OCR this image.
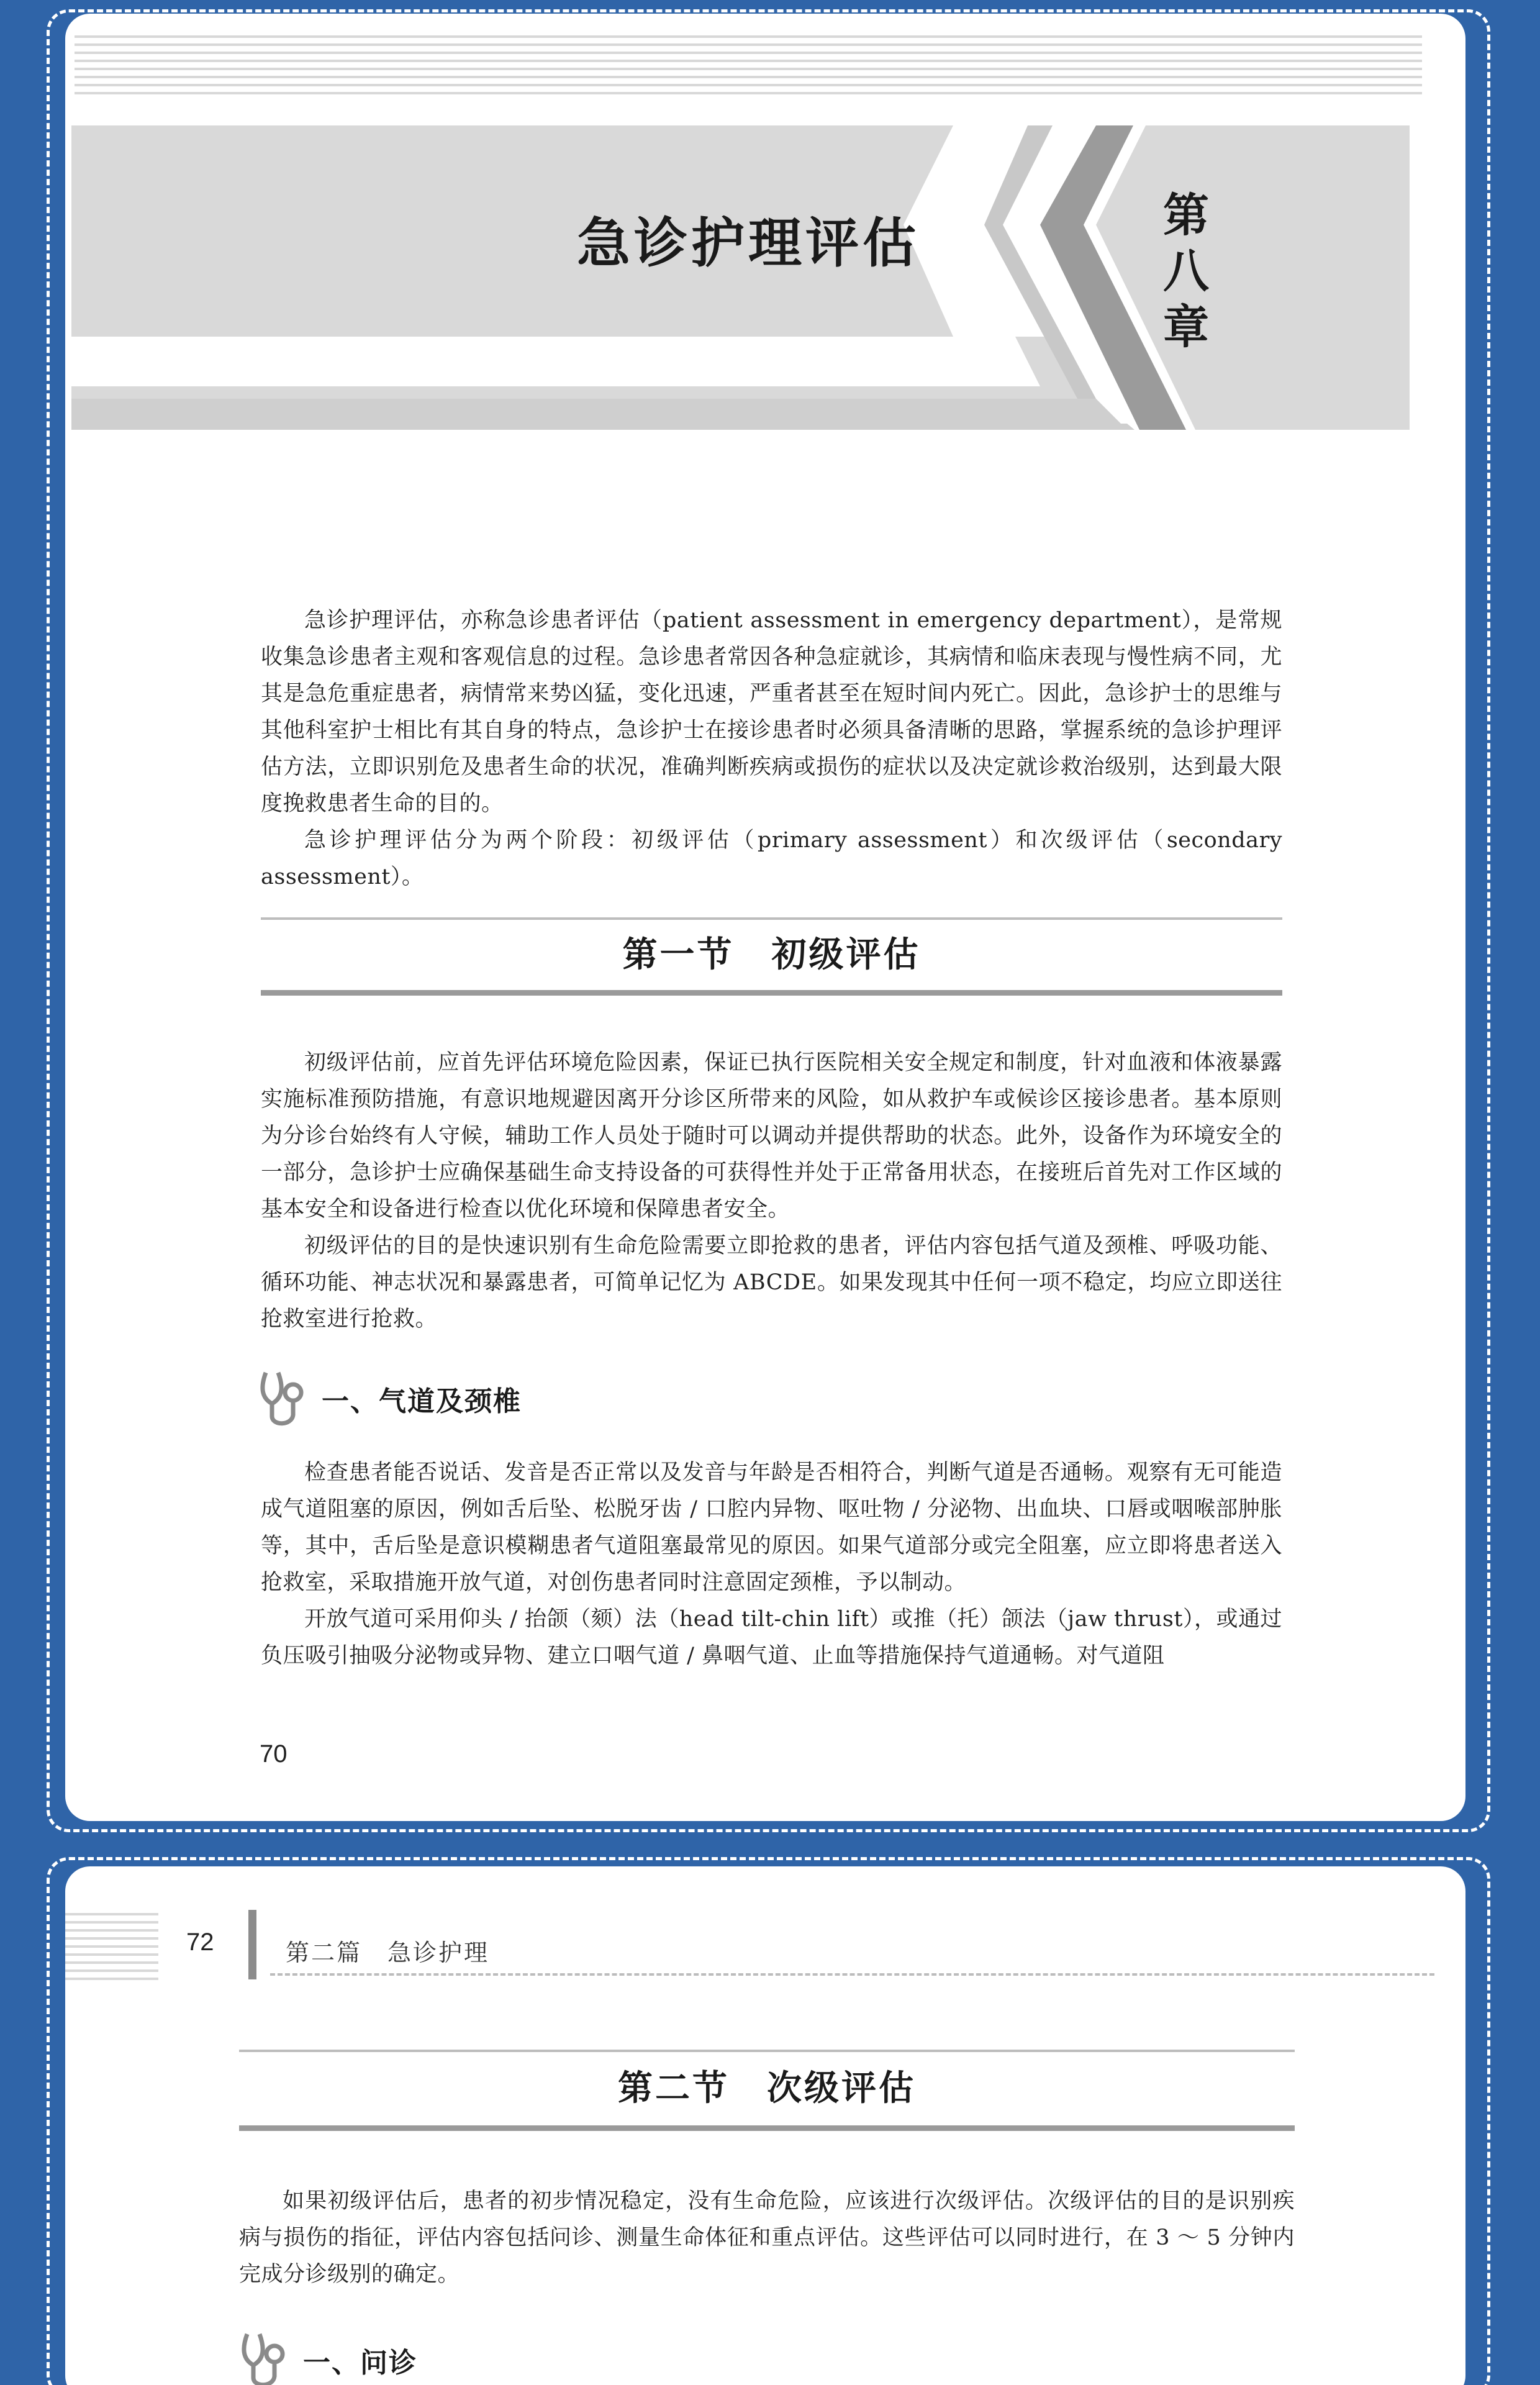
急诊护理评估	第
八
章

急诊护理评估，亦称急诊患者评估（patient assessment in emergency department），是常规收集急诊患者主观和客观信息的过程。急诊患者常因各种急症就诊，其病情和临床表现与慢性病不同，尤其是急危重症患者，病情常来势凶猛，变化迅速，严重者甚至在短时间内死亡。因此，急诊护士的思维与其他科室护士相比有其自身的特点，急诊护士在接诊患者时必须具备清晰的思路，掌握系统的急诊护理评估方法，立即识别危及患者生命的状况，准确判断疾病或损伤的症状以及决定就诊救治级别，达到最大限度挽救患者生命的目的。

急诊护理评估分为两个阶段：初级评估（primary assessment）和次级评估（secondary assessment）。

第一节　初级评估

初级评估前，应首先评估环境危险因素，保证已执行医院相关安全规定和制度，针对血液和体液暴露实施标准预防措施，有意识地规避因离开分诊区所带来的风险，如从救护车或候诊区接诊患者。基本原则为分诊台始终有人守候，辅助工作人员处于随时可以调动并提供帮助的状态。此外，设备作为环境安全的一部分，急诊护士应确保基础生命支持设备的可获得性并处于正常备用状态，在接班后首先对工作区域的基本安全和设备进行检查以优化环境和保障患者安全。

初级评估的目的是快速识别有生命危险需要立即抢救的患者，评估内容包括气道及颈椎、呼吸功能、循环功能、神志状况和暴露患者，可简单记忆为 ABCDE。如果发现其中任何一项不稳定，均应立即送往抢救室进行抢救。

一、气道及颈椎

检查患者能否说话、发音是否正常以及发音与年龄是否相符合，判断气道是否通畅。观察有无可能造成气道阻塞的原因，例如舌后坠、松脱牙齿 / 口腔内异物、呕吐物 / 分泌物、出血块、口唇或咽喉部肿胀等，其中，舌后坠是意识模糊患者气道阻塞最常见的原因。如果气道部分或完全阻塞，应立即将患者送入抢救室，采取措施开放气道，对创伤患者同时注意固定颈椎，予以制动。

开放气道可采用仰头 / 抬颌（颏）法（head tilt-chin lift）或推（托）颌法（jaw thrust），或通过负压吸引抽吸分泌物或异物、建立口咽气道 / 鼻咽气道、止血等措施保持气道通畅。对气道阻

70
72	第二篇　急诊护理
第二节　次级评估

如果初级评估后，患者的初步情况稳定，没有生命危险，应该进行次级评估。次级评估的目的是识别疾病与损伤的指征，评估内容包括问诊、测量生命体征和重点评估。这些评估可以同时进行，在 3 ～ 5 分钟内完成分诊级别的确定。

一、问诊
